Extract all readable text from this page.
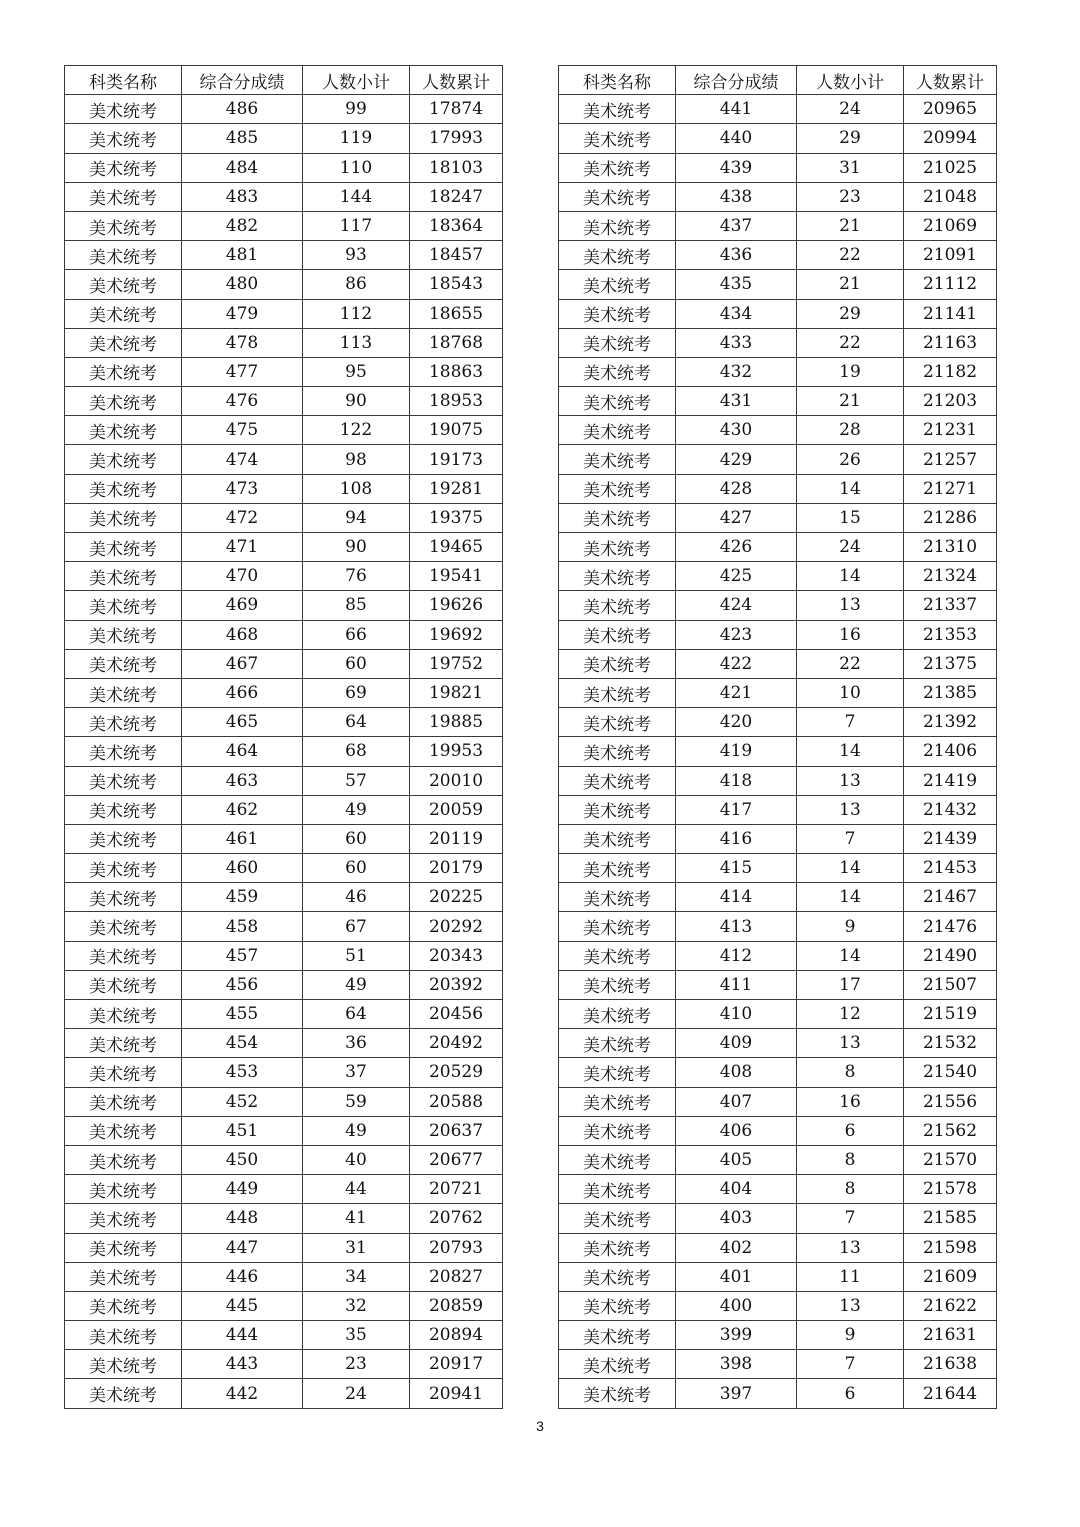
科类名称	综合分成绩	人数小计	人数累计
美术统考	486	99	17874
美术统考	485	119	17993
美术统考	484	110	18103
美术统考	483	144	18247
美术统考	482	117	18364
美术统考	481	93	18457
美术统考	480	86	18543
美术统考	479	112	18655
美术统考	478	113	18768
美术统考	477	95	18863
美术统考	476	90	18953
美术统考	475	122	19075
美术统考	474	98	19173
美术统考	473	108	19281
美术统考	472	94	19375
美术统考	471	90	19465
美术统考	470	76	19541
美术统考	469	85	19626
美术统考	468	66	19692
美术统考	467	60	19752
美术统考	466	69	19821
美术统考	465	64	19885
美术统考	464	68	19953
美术统考	463	57	20010
美术统考	462	49	20059
美术统考	461	60	20119
美术统考	460	60	20179
美术统考	459	46	20225
美术统考	458	67	20292
美术统考	457	51	20343
美术统考	456	49	20392
美术统考	455	64	20456
美术统考	454	36	20492
美术统考	453	37	20529
美术统考	452	59	20588
美术统考	451	49	20637
美术统考	450	40	20677
美术统考	449	44	20721
美术统考	448	41	20762
美术统考	447	31	20793
美术统考	446	34	20827
美术统考	445	32	20859
美术统考	444	35	20894
美术统考	443	23	20917
美术统考	442	24	20941
科类名称	综合分成绩	人数小计	人数累计
美术统考	441	24	20965
美术统考	440	29	20994
美术统考	439	31	21025
美术统考	438	23	21048
美术统考	437	21	21069
美术统考	436	22	21091
美术统考	435	21	21112
美术统考	434	29	21141
美术统考	433	22	21163
美术统考	432	19	21182
美术统考	431	21	21203
美术统考	430	28	21231
美术统考	429	26	21257
美术统考	428	14	21271
美术统考	427	15	21286
美术统考	426	24	21310
美术统考	425	14	21324
美术统考	424	13	21337
美术统考	423	16	21353
美术统考	422	22	21375
美术统考	421	10	21385
美术统考	420	7	21392
美术统考	419	14	21406
美术统考	418	13	21419
美术统考	417	13	21432
美术统考	416	7	21439
美术统考	415	14	21453
美术统考	414	14	21467
美术统考	413	9	21476
美术统考	412	14	21490
美术统考	411	17	21507
美术统考	410	12	21519
美术统考	409	13	21532
美术统考	408	8	21540
美术统考	407	16	21556
美术统考	406	6	21562
美术统考	405	8	21570
美术统考	404	8	21578
美术统考	403	7	21585
美术统考	402	13	21598
美术统考	401	11	21609
美术统考	400	13	21622
美术统考	399	9	21631
美术统考	398	7	21638
美术统考	397	6	21644
3
